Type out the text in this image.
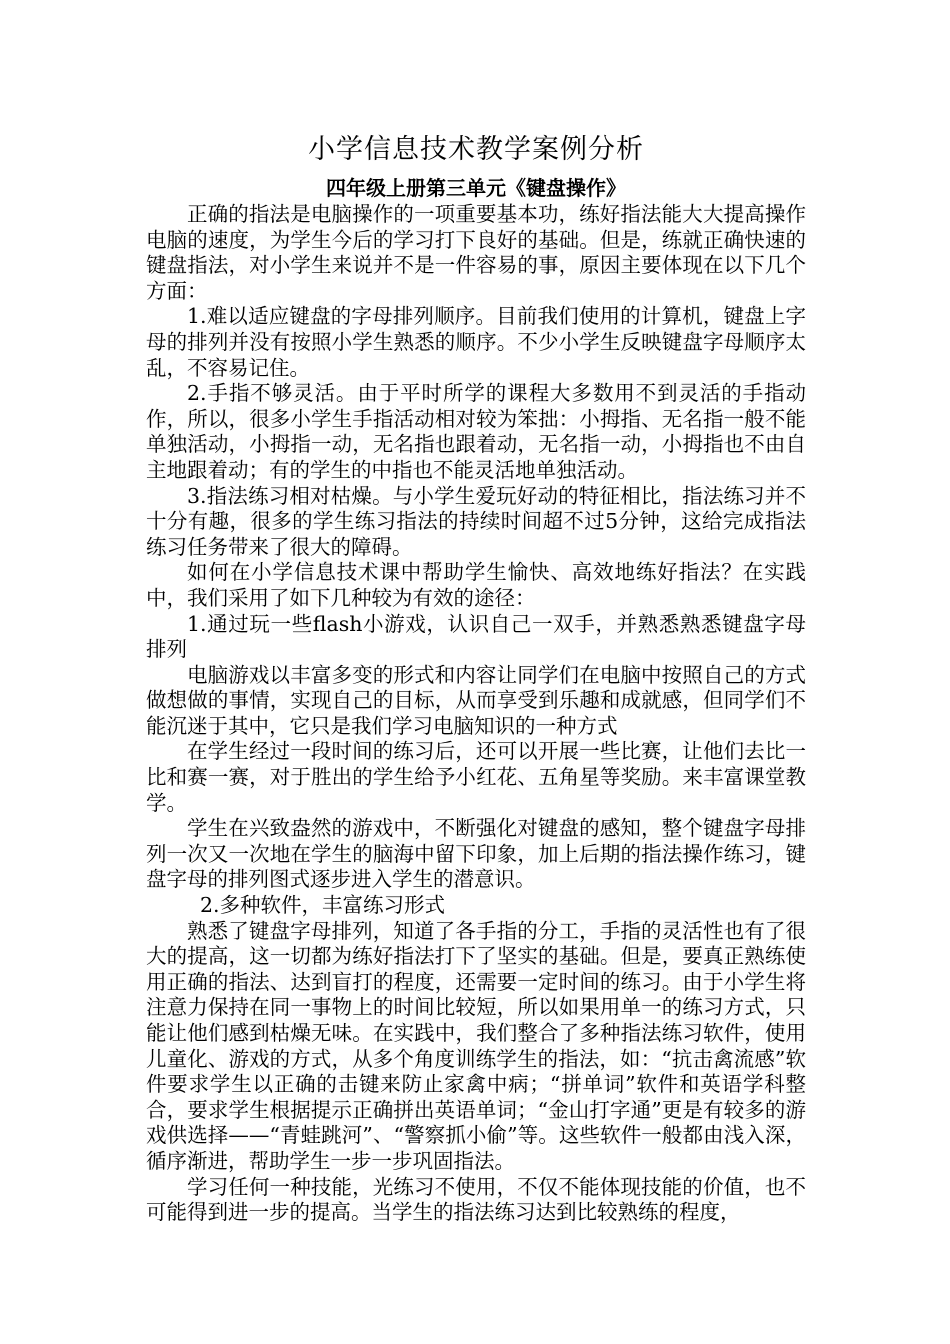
小学信息技术教学案例分析
四年级上册第三单元《键盘操作》

正确的指法是电脑操作的一项重要基本功，练好指法能大大提高操作电脑的速度，为学生今后的学习打下良好的基础。但是，练就正确快速的键盘指法，对小学生来说并不是一件容易的事，原因主要体现在以下几个方面：

1.难以适应键盘的字母排列顺序。目前我们使用的计算机，键盘上字母的排列并没有按照小学生熟悉的顺序。不少小学生反映键盘字母顺序太乱，不容易记住。

2.手指不够灵活。由于平时所学的课程大多数用不到灵活的手指动作，所以，很多小学生手指活动相对较为笨拙：小拇指、无名指一般不能单独活动，小拇指一动，无名指也跟着动，无名指一动，小拇指也不由自主地跟着动；有的学生的中指也不能灵活地单独活动。

3.指法练习相对枯燥。与小学生爱玩好动的特征相比，指法练习并不十分有趣，很多的学生练习指法的持续时间超不过5分钟，这给完成指法练习任务带来了很大的障碍。

如何在小学信息技术课中帮助学生愉快、高效地练好指法？在实践中，我们采用了如下几种较为有效的途径：

1.通过玩一些flash小游戏，认识自己一双手，并熟悉熟悉键盘字母排列

电脑游戏以丰富多变的形式和内容让同学们在电脑中按照自己的方式做想做的事情，实现自己的目标，从而享受到乐趣和成就感，但同学们不能沉迷于其中，它只是我们学习电脑知识的一种方式

在学生经过一段时间的练习后，还可以开展一些比赛，让他们去比一比和赛一赛，对于胜出的学生给予小红花、五角星等奖励。来丰富课堂教学。

学生在兴致盎然的游戏中，不断强化对键盘的感知，整个键盘字母排列一次又一次地在学生的脑海中留下印象，加上后期的指法操作练习，键盘字母的排列图式逐步进入学生的潜意识。

2.多种软件，丰富练习形式

熟悉了键盘字母排列，知道了各手指的分工，手指的灵活性也有了很大的提高，这一切都为练好指法打下了坚实的基础。但是，要真正熟练使用正确的指法、达到盲打的程度，还需要一定时间的练习。由于小学生将注意力保持在同一事物上的时间比较短，所以如果用单一的练习方式，只能让他们感到枯燥无味。在实践中，我们整合了多种指法练习软件，使用儿童化、游戏的方式，从多个角度训练学生的指法，如：“抗击禽流感”软件要求学生以正确的击键来防止家禽中病；“拼单词”软件和英语学科整合，要求学生根据提示正确拼出英语单词；“金山打字通”更是有较多的游戏供选择——“青蛙跳河”、“警察抓小偷”等。这些软件一般都由浅入深，循序渐进，帮助学生一步一步巩固指法。

学习任何一种技能，光练习不使用，不仅不能体现技能的价值，也不可能得到进一步的提高。当学生的指法练习达到比较熟练的程度，
